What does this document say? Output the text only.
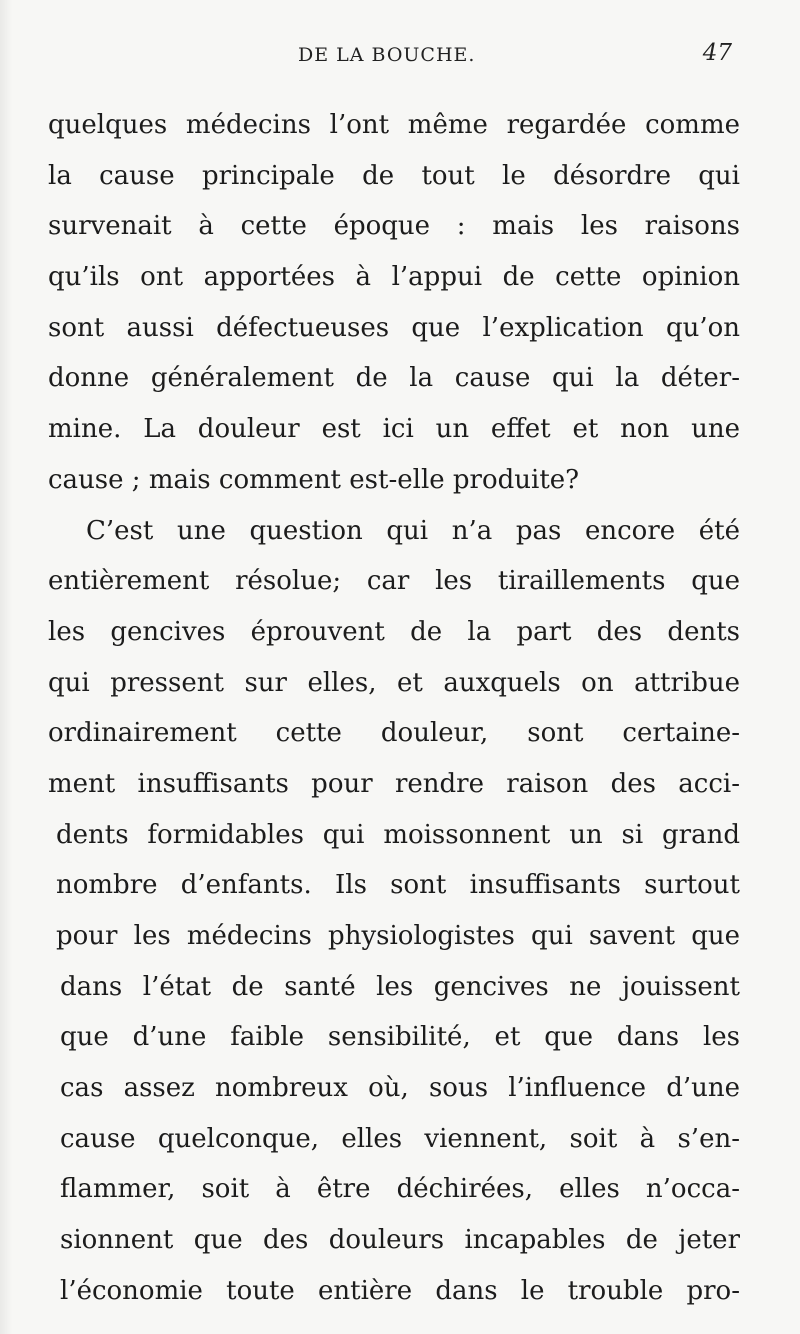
DE LA BOUCHE.	47
quelques médecins l’ont même regardée comme
la cause principale de tout le désordre qui
survenait à cette époque : mais les raisons
qu’ils ont apportées à l’appui de cette opinion
sont aussi défectueuses que l’explication qu’on
donne généralement de la cause qui la déter-
mine. La douleur est ici un effet et non une
cause ; mais comment est-elle produite?
C’est une question qui n’a pas encore été
entièrement résolue; car les tiraillements que
les gencives éprouvent de la part des dents
qui pressent sur elles, et auxquels on attribue
ordinairement cette douleur, sont certaine-
ment insuffisants pour rendre raison des acci-
dents formidables qui moissonnent un si grand
nombre d’enfants. Ils sont insuffisants surtout
pour les médecins physiologistes qui savent que
dans l’état de santé les gencives ne jouissent
que d’une faible sensibilité, et que dans les
cas assez nombreux où, sous l’influence d’une
cause quelconque, elles viennent, soit à s’en-
flammer, soit à être déchirées, elles n’occa-
sionnent que des douleurs incapables de jeter
l’économie toute entière dans le trouble pro-
